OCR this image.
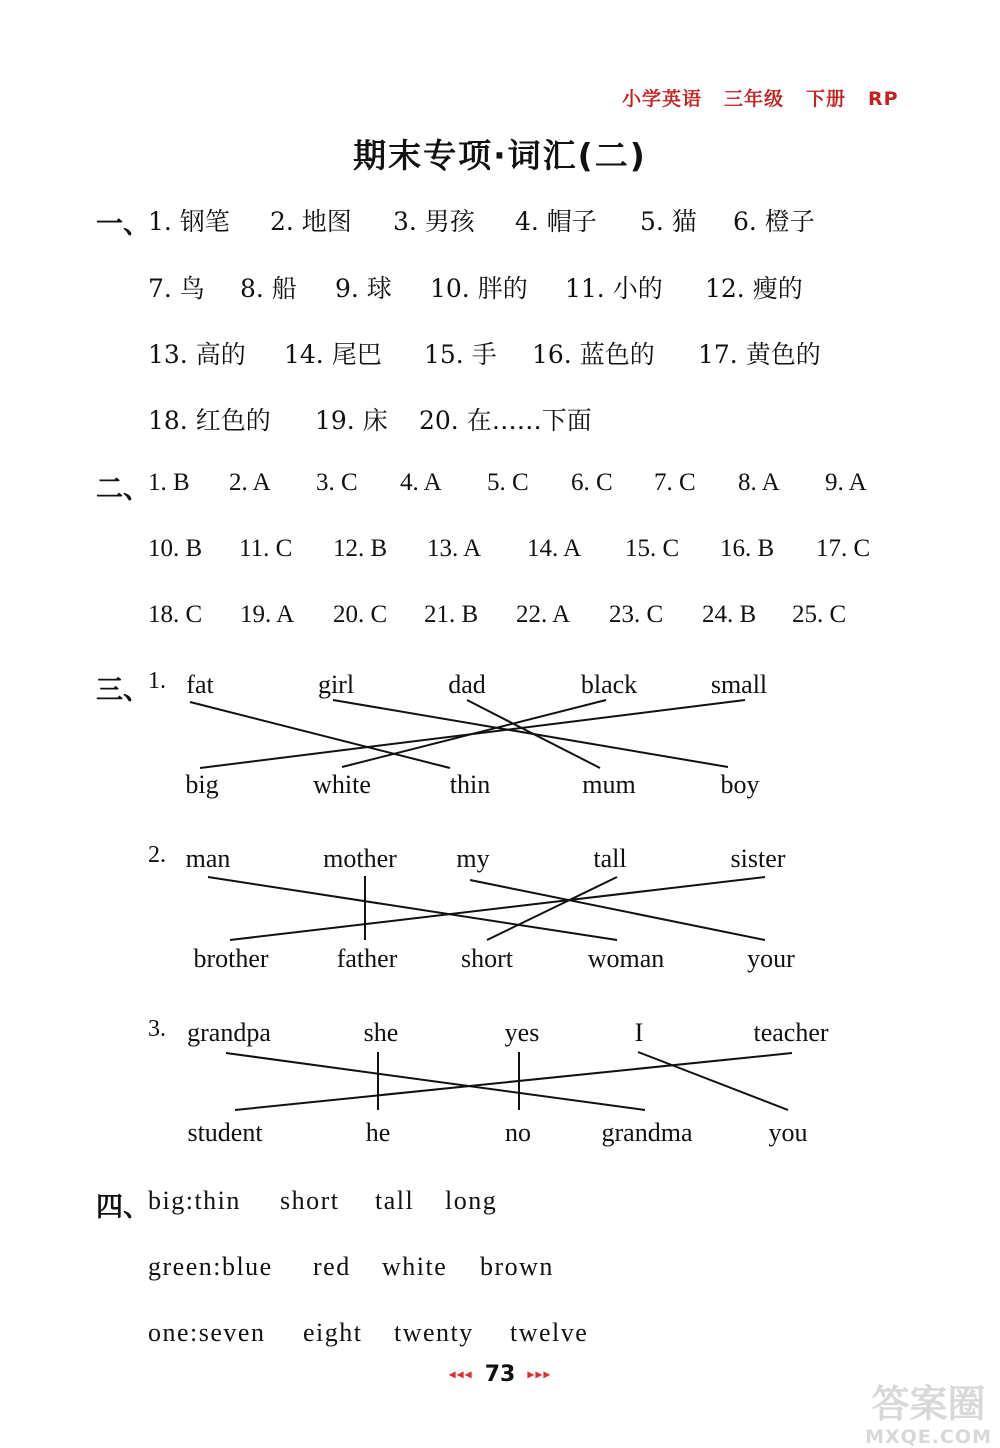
小学英语 三年级 下册 RP
期末专项·词汇(二)
一、
1. 钢笔 2. 地图 3. 男孩 4. 帽子 5. 猫 6. 橙子
7. 鸟 8. 船 9. 球 10. 胖的 11. 小的 12. 瘦的
13. 高的 14. 尾巴 15. 手 16. 蓝色的 17. 黄色的
18. 红色的 19. 床 20. 在……下面
二、
1. B 2. A 3. C 4. A 5. C 6. C 7. C 8. A 9. A
10. B 11. C 12. B 13. A 14. A 15. C 16. B 17. C
18. C 19. A 20. C 21. B 22. A 23. C 24. B 25. C
三、
1. fat	girl	dad	black	small
big	white	thin	mum	boy
2. man	mother my	tall	sister
brother	father short	woman	your
3. grandpa	she	yes	I	teacher
student	he	no	grandma	you
四、
big:thin short tall long
green:blue red white brown
one:seven eight twenty twelve
◂◂◂ 73 ▸▸▸
答案圈
MXQE.COM
